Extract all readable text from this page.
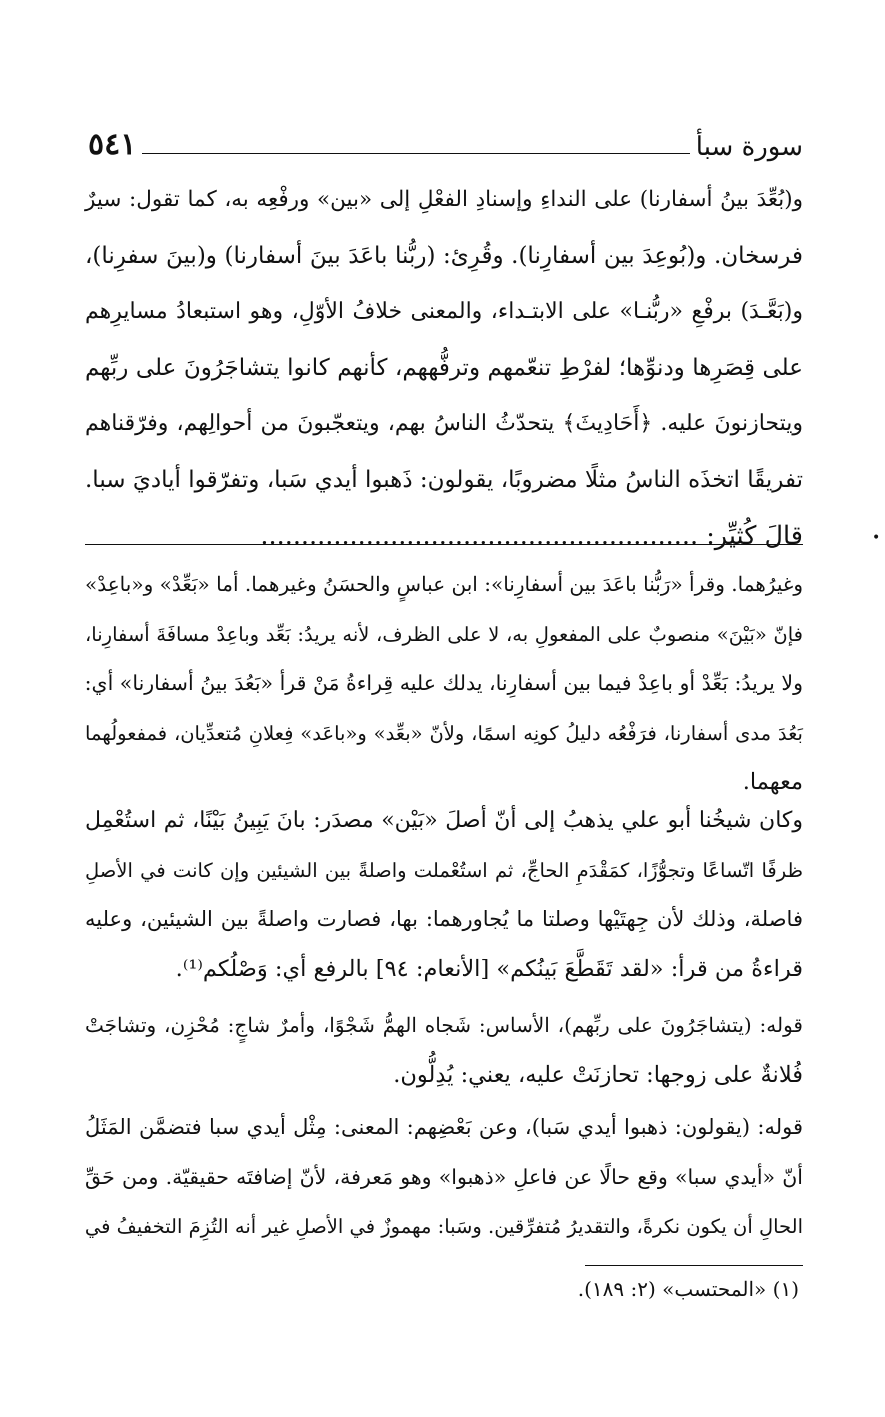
سورة سبأ
٥٤١

و(بُعِّدَ بينُ أسفارنا) على النداءِ وإسنادِ الفعْلِ إلى «بين» ورفْعِه به، كما تقول: سيرٌ
فرسخان. و(بُوعِدَ بين أسفارِنا). وقُرِئ: (ربُّنا باعَدَ بينَ أسفارنا) و(بينَ سفرِنا)،
و(بَعَّـدَ) برفْعِ «ربُّنـا» على الابتـداء، والمعنى خلافُ الأوّلِ، وهو استبعادُ مسايرِهم
على قِصَرِها ودنوِّها؛ لفرْطِ تنعّمهم وترفُّههم، كأنهم كانوا يتشاجَرُونَ على ربِّهم
ويتحازنونَ عليه. ﴿أَحَادِيثَ﴾ يتحدّثُ الناسُ بهم، ويتعجّبونَ من أحوالِهم، وفرّقناهم
تفريقًا اتخذَه الناسُ مثلًا مضروبًا، يقولون: ذَهبوا أيدي سَبا، وتفرّقوا أياديَ سبا.
قالَ كُثيِّر: ......................................................

وغيرُهما. وقرأ «رَبُّنا باعَدَ بين أسفارِنا»: ابن عباسٍ والحسَنُ وغيرهما. أما «بَعِّدْ» و«باعِدْ»
فإنّ «بَيْنَ» منصوبٌ على المفعولِ به، لا على الظرف، لأنه يريدُ: بَعِّد وباعِدْ مسافَةَ أسفارِنا،
ولا يريدُ: بَعِّدْ أو باعِدْ فيما بين أسفارِنا، يدلك عليه قِراءةُ مَنْ قرأ «بَعُدَ بينُ أسفارنا» أي:
بَعُدَ مدى أسفارنا، فرَفْعُه دليلُ كونِه اسمًا، ولأنّ «بعِّد» و«باعَد» فِعلانِ مُتعدِّيان، فمفعولُهما
معهما.

وكان شيخُنا أبو علي يذهبُ إلى أنّ أصلَ «بَيْن» مصدَر: بانَ يَبِينُ بَيْنًا، ثم استُعْمِل
ظرفًا اتّساعًا وتجوُّزًا، كمَقْدَمِ الحاجِّ، ثم استُعْملت واصلةً بين الشيئين وإن كانت في الأصلِ
فاصلة، وذلك لأن جِهتَيْها وصلتا ما يُجاورهما: بها، فصارت واصلةً بين الشيئين، وعليه
قراءةُ من قرأ: «لقد تَقَطَّعَ بَينُكم» [الأنعام: ٩٤] بالرفع أي: وَصْلُكم⁽¹⁾.

قوله: (يتشاجَرُونَ على ربِّهم)، الأساس: شَجاه الهمُّ شَجْوًا، وأمرٌ شاجٍ: مُحْزِن، وتشاجَتْ
فُلانةٌ على زوجها: تحازنَتْ عليه، يعني: يُدِلُّون.

قوله: (يقولون: ذهبوا أيدي سَبا)، وعن بَعْضِهم: المعنى: مِثْل أيدي سبا فتضمَّن المَثَلُ
أنّ «أيدي سبا» وقع حالًا عن فاعلِ «ذهبوا» وهو مَعرفة، لأنّ إضافتَه حقيقيّة. ومن حَقِّ
الحالِ أن يكون نكرةً، والتقديرُ مُتفرِّقين. وسَبا: مهموزٌ في الأصلِ غير أنه التُزِمَ التخفيفُ في

(١) «المحتسب» (٢: ١٨٩).
•
